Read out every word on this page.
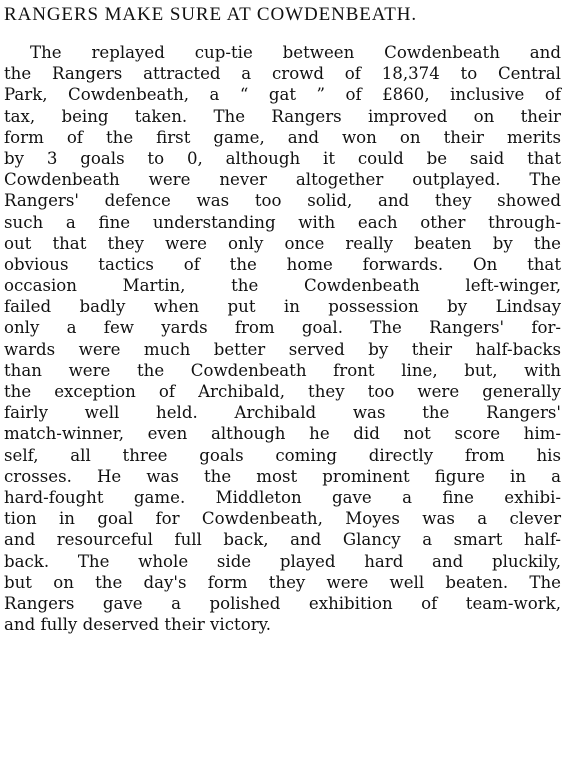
RANGERS MAKE SURE AT COWDENBEATH.
The replayed cup-tie between Cowdenbeath and
the Rangers attracted a crowd of 18,374 to Central
Park, Cowdenbeath, a “ gat ” of £860, inclusive of
tax, being taken. The Rangers improved on their
form of the first game, and won on their merits
by 3 goals to 0, although it could be said that
Cowdenbeath were never altogether outplayed. The
Rangers' defence was too solid, and they showed
such a fine understanding with each other through-
out that they were only once really beaten by the
obvious tactics of the home forwards. On that
occasion Martin, the Cowdenbeath left-winger,
failed badly when put in possession by Lindsay
only a few yards from goal. The Rangers' for-
wards were much better served by their half-backs
than were the Cowdenbeath front line, but, with
the exception of Archibald, they too were generally
fairly well held. Archibald was the Rangers'
match-winner, even although he did not score him-
self, all three goals coming directly from his
crosses. He was the most prominent figure in a
hard-fought game. Middleton gave a fine exhibi-
tion in goal for Cowdenbeath, Moyes was a clever
and resourceful full back, and Glancy a smart half-
back. The whole side played hard and pluckily,
but on the day's form they were well beaten. The
Rangers gave a polished exhibition of team-work,
and fully deserved their victory.
